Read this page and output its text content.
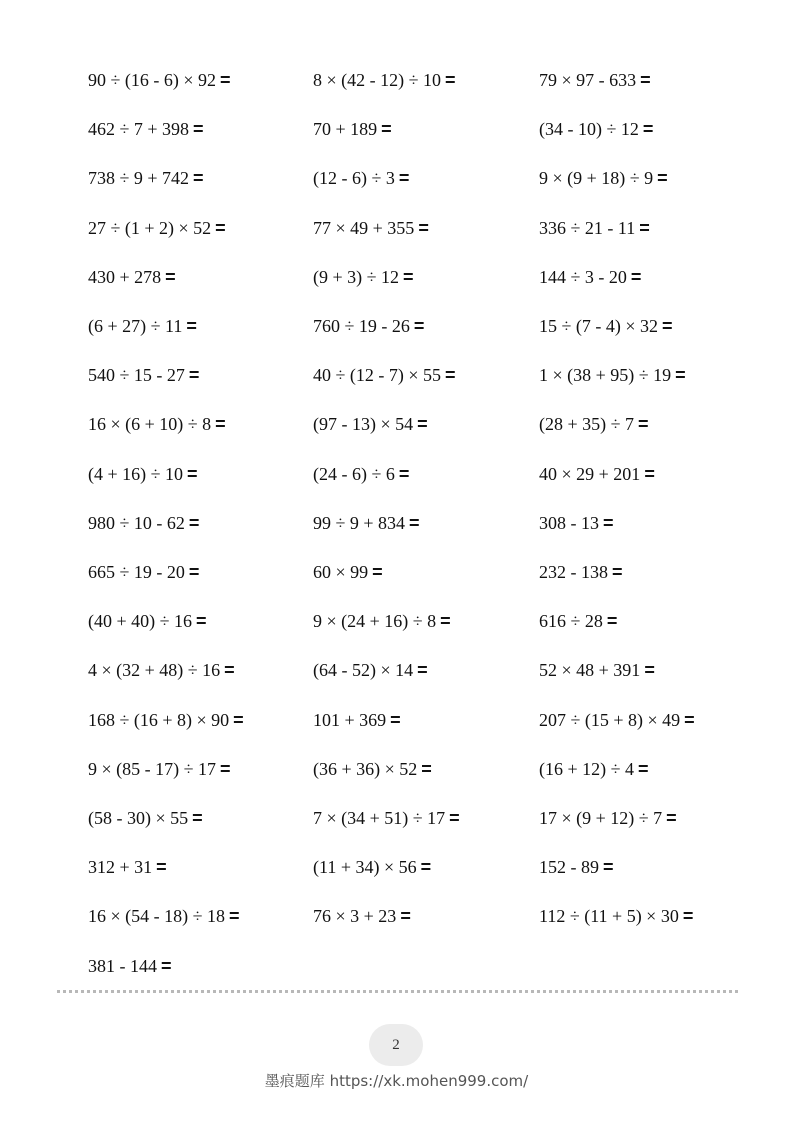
90 ÷ (16 - 6) × 92 =
462 ÷ 7 + 398 =
738 ÷ 9 + 742 =
27 ÷ (1 + 2) × 52 =
430 + 278 =
(6 + 27) ÷ 11 =
540 ÷ 15 - 27 =
16 × (6 + 10) ÷ 8 =
(4 + 16) ÷ 10 =
980 ÷ 10 - 62 =
665 ÷ 19 - 20 =
(40 + 40) ÷ 16 =
4 × (32 + 48) ÷ 16 =
168 ÷ (16 + 8) × 90 =
9 × (85 - 17) ÷ 17 =
(58 - 30) × 55 =
312 + 31 =
16 × (54 - 18) ÷ 18 =
381 - 144 =
8 × (42 - 12) ÷ 10 =
70 + 189 =
(12 - 6) ÷ 3 =
77 × 49 + 355 =
(9 + 3) ÷ 12 =
760 ÷ 19 - 26 =
40 ÷ (12 - 7) × 55 =
(97 - 13) × 54 =
(24 - 6) ÷ 6 =
99 ÷ 9 + 834 =
60 × 99 =
9 × (24 + 16) ÷ 8 =
(64 - 52) × 14 =
101 + 369 =
(36 + 36) × 52 =
7 × (34 + 51) ÷ 17 =
(11 + 34) × 56 =
76 × 3 + 23 =
79 × 97 - 633 =
(34 - 10) ÷ 12 =
9 × (9 + 18) ÷ 9 =
336 ÷ 21 - 11 =
144 ÷ 3 - 20 =
15 ÷ (7 - 4) × 32 =
1 × (38 + 95) ÷ 19 =
(28 + 35) ÷ 7 =
40 × 29 + 201 =
308 - 13 =
232 - 138 =
616 ÷ 28 =
52 × 48 + 391 =
207 ÷ (15 + 8) × 49 =
(16 + 12) ÷ 4 =
17 × (9 + 12) ÷ 7 =
152 - 89 =
112 ÷ (11 + 5) × 30 =
2
墨痕题库 https://xk.mohen999.com/
